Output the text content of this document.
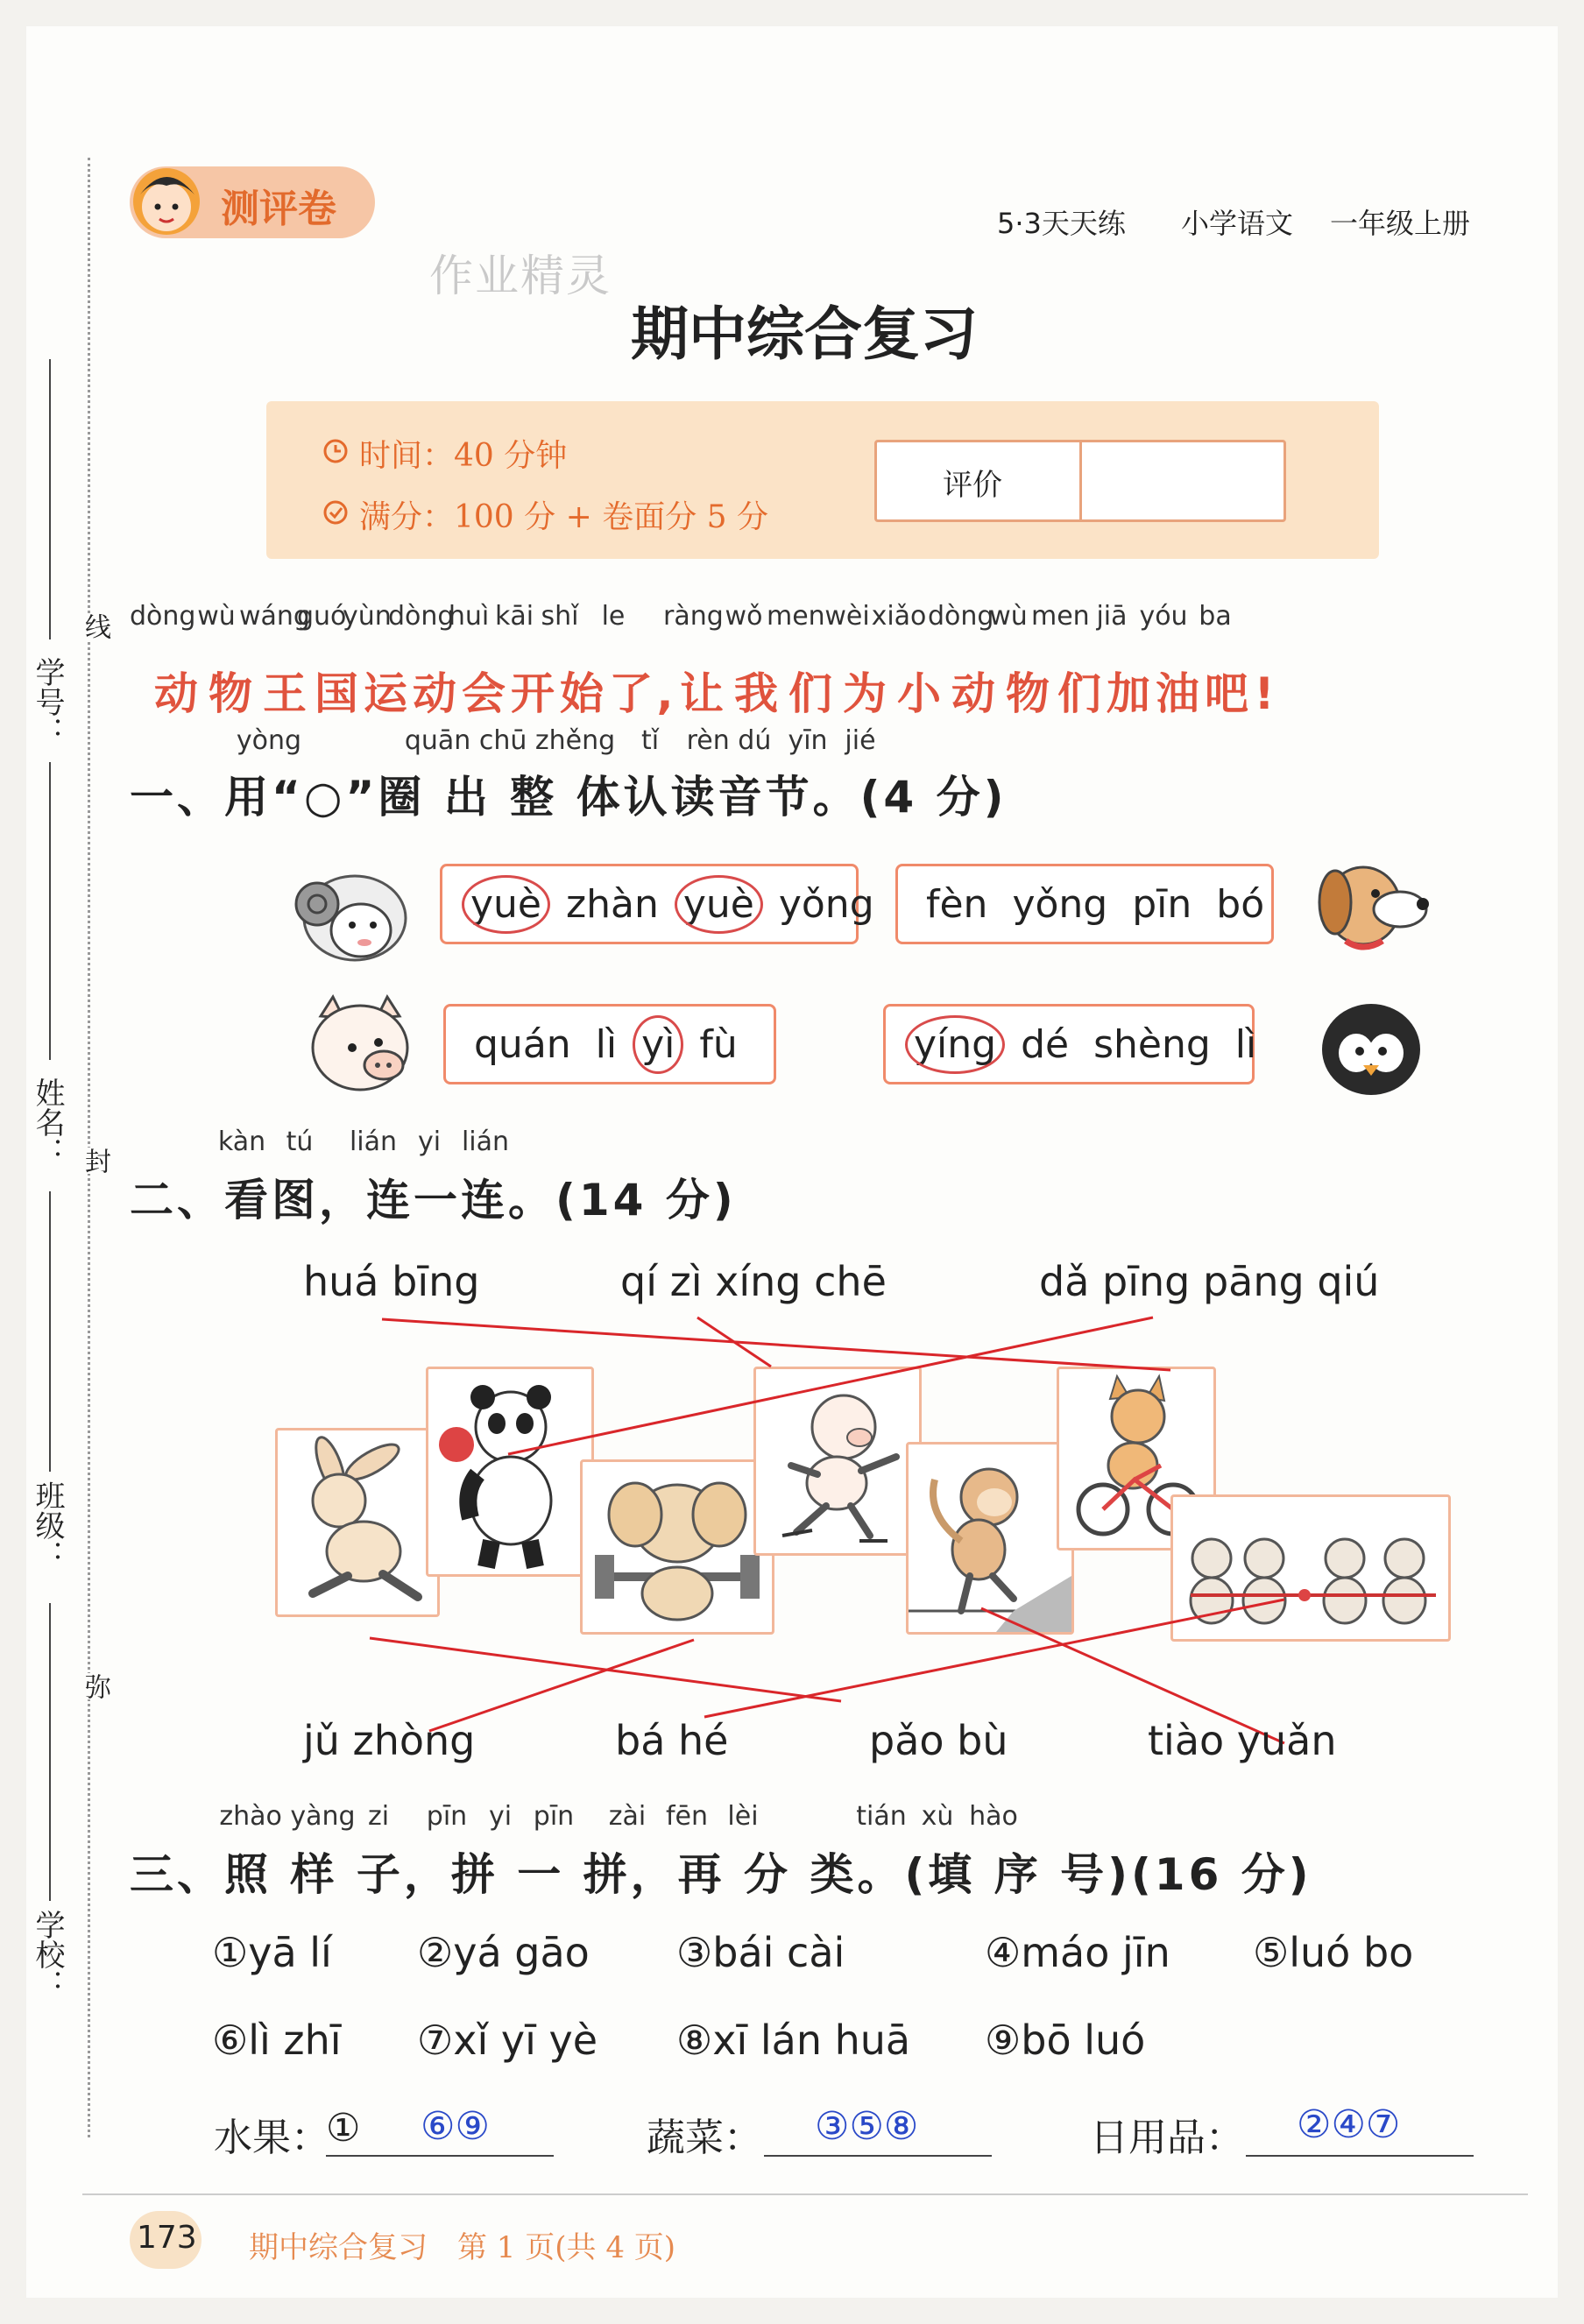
学号：
姓名：
班级：
学校：
线
封
弥
测评卷	5·3天天练 小学语文 一年级上册
作业精灵
期中综合复习
时间：40 分钟
满分：100 分 + 卷面分 5 分
评价
dòngwù wángguóyùndònghuì kāi shǐ le ràngwǒ menwèixiǎodòngwù men jiā yóu ba
动 物 王 国 运 动 会 开 始 了, 让 我 们 为 小 动 物 们 加 油 吧 !
yòng	quān chū zhěng tǐ rèn dú yīn jié
一、用“○”圈 出 整 体认读音节。(4 分)
yuè zhàn yuè yǒng fèn yǒng pīn bó
quán lì yì fù	yíng dé shèng lì
kàn tú lián yi lián
二、看图，连一连。(14 分)
huá bīng	qí zì xíng chē	dǎ pīng pāng qiú
jǔ zhòng	bá hé	pǎo bù	tiào yuǎn
zhào yàng zi pīn yi pīn zài fēn lèi	tián xù hào
三、照 样 子，拼 一 拼，再 分 类。(填 序 号)(16 分)
①yā lí ②yá gāo ③bái cài	④máo jīn ⑤luó bo
⑥lì zhī ⑦xǐ yī yè ⑧xī lán huā ⑨bō luó
水果：
① ⑥⑨	蔬菜： ③⑤⑧	日用品： ②④⑦
173 期中综合复习　第 1 页(共 4 页)
